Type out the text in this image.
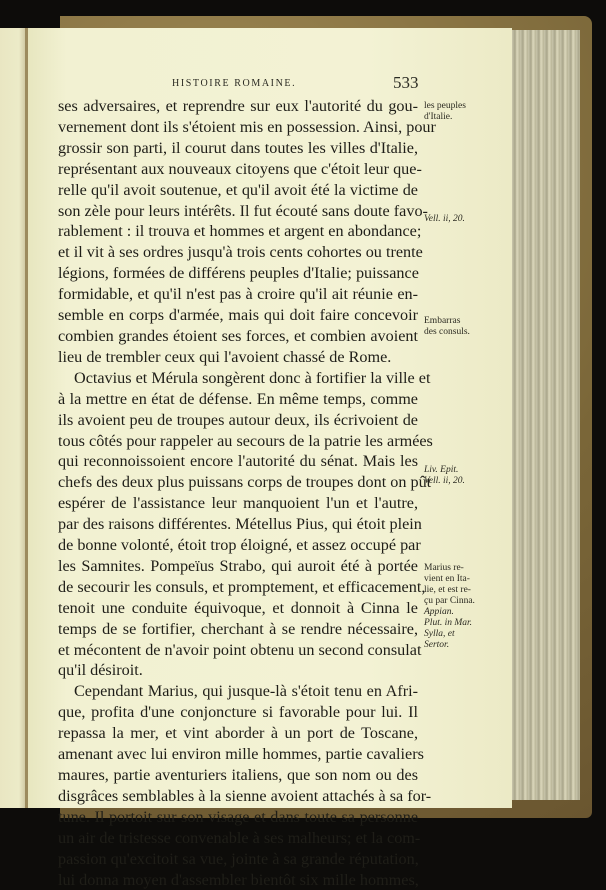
HISTOIRE ROMAINE.	533
ses adversaires, et reprendre sur eux l'autorité du gou-
vernement dont ils s'étoient mis en possession. Ainsi, pour
grossir son parti, il courut dans toutes les villes d'Italie,
représentant aux nouveaux citoyens que c'étoit leur que-
relle qu'il avoit soutenue, et qu'il avoit été la victime de
son zèle pour leurs intérêts. Il fut écouté sans doute favo-
rablement : il trouva et hommes et argent en abondance;
et il vit à ses ordres jusqu'à trois cents cohortes ou trente
légions, formées de différens peuples d'Italie; puissance
formidable, et qu'il n'est pas à croire qu'il ait réunie en-
semble en corps d'armée, mais qui doit faire concevoir
combien grandes étoient ses forces, et combien avoient
lieu de trembler ceux qui l'avoient chassé de Rome.
Octavius et Mérula songèrent donc à fortifier la ville et
à la mettre en état de défense. En même temps, comme
ils avoient peu de troupes autour deux, ils écrivoient de
tous côtés pour rappeler au secours de la patrie les armées
qui reconnoissoient encore l'autorité du sénat. Mais les
chefs des deux plus puissans corps de troupes dont on pût
espérer de l'assistance leur manquoient l'un et l'autre,
par des raisons différentes. Métellus Pius, qui étoit plein
de bonne volonté, étoit trop éloigné, et assez occupé par
les Samnites. Pompeïus Strabo, qui auroit été à portée
de secourir les consuls, et promptement, et efficacement,
tenoit une conduite équivoque, et donnoit à Cinna le
temps de se fortifier, cherchant à se rendre nécessaire,
et mécontent de n'avoir point obtenu un second consulat
qu'il désiroit.
Cependant Marius, qui jusque-là s'étoit tenu en Afri-
que, profita d'une conjoncture si favorable pour lui. Il
repassa la mer, et vint aborder à un port de Toscane,
amenant avec lui environ mille hommes, partie cavaliers
maures, partie aventuriers italiens, que son nom ou des
disgrâces semblables à la sienne avoient attachés à sa for-
tune. Il portoit sur son visage et dans toute sa personne
un air de tristesse convenable à ses malheurs; et la com-
passion qu'excitoit sa vue, jointe à sa grande réputation,
lui donna moyen d'assembler bientôt six mille hommes,
les peuples
d'Italie.
Vell. ii, 20.
Embarras
des consuls.
Liv. Epit.
Vell. ii, 20.
Marius re-
vient en Ita-
lie, et est re-
çu par Cinna.
Appian.
Plut. in Mar.
Sylla, et
Sertor.
